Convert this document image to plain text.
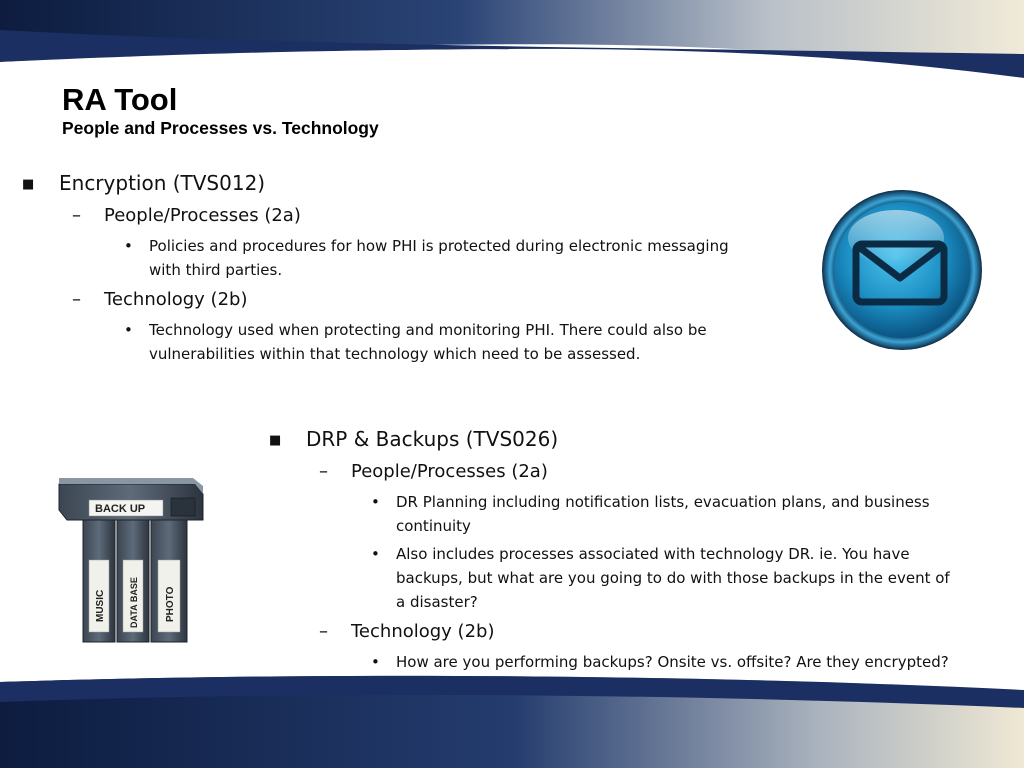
RA Tool
People and Processes vs. Technology
■ Encryption (TVS012)
– People/Processes (2a)
• Policies and procedures for how PHI is protected during electronic messaging
with third parties.
– Technology (2b)
• Technology used when protecting and monitoring PHI. There could also be
vulnerabilities within that technology which need to be assessed.
■ DRP & Backups (TVS026)
– People/Processes (2a)
• DR Planning including notification lists, evacuation plans, and business
continuity
• Also includes processes associated with technology DR. ie. You have
backups, but what are you going to do with those backups in the event of
a disaster?
– Technology (2b)
• How are you performing backups? Onsite vs. offsite? Are they encrypted?
MUSIC	DATA BASE	PHOTO
BACK UP
